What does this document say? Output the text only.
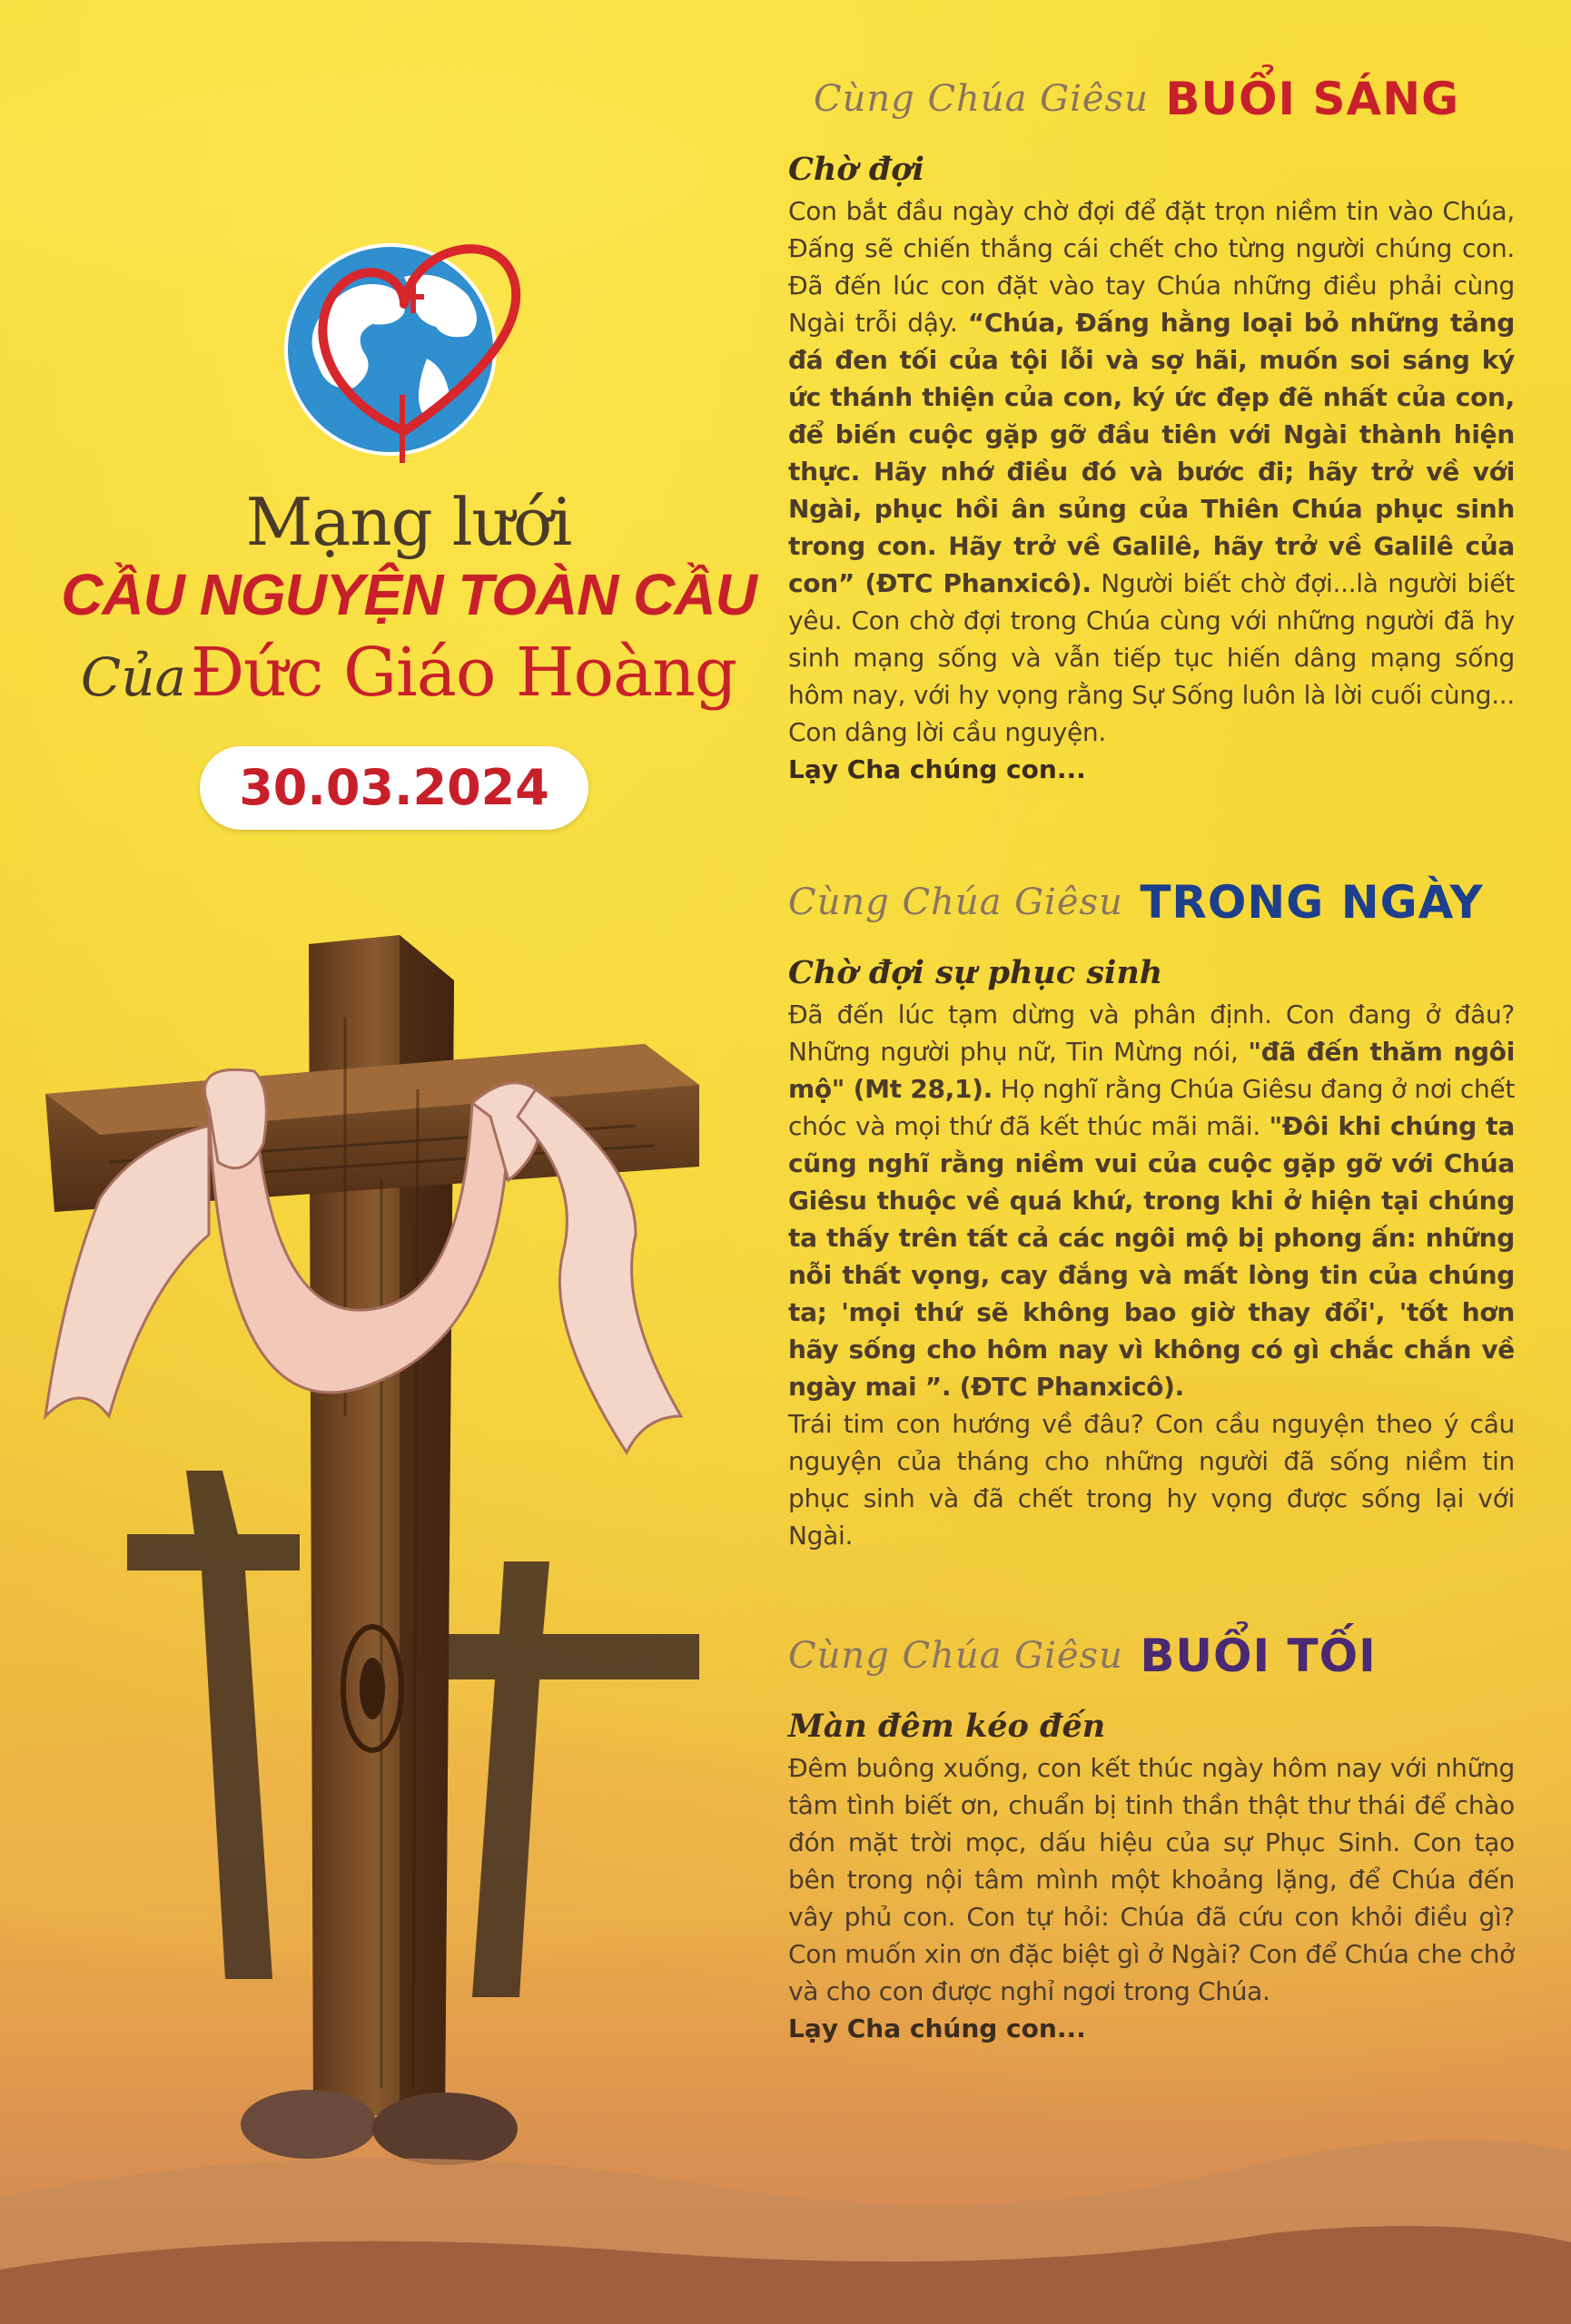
Mạng lưới
CẦU NGUYỆN TOÀN CẦU
Của Đức Giáo Hoàng
30.03.2024
Cùng Chúa Giêsu BUỔI SÁNG
Chờ đợi
Con bắt đầu ngày chờ đợi để đặt trọn niềm tin vào Chúa, Đấng sẽ chiến thắng cái chết cho từng người chúng con. Đã đến lúc con đặt vào tay Chúa những điều phải cùng Ngài trỗi dậy. “Chúa, Đấng hằng loại bỏ những tảng đá đen tối của tội lỗi và sợ hãi, muốn soi sáng ký ức thánh thiện của con, ký ức đẹp đẽ nhất của con, để biến cuộc gặp gỡ đầu tiên với Ngài thành hiện thực. Hãy nhớ điều đó và bước đi; hãy trở về với Ngài, phục hồi ân sủng của Thiên Chúa phục sinh trong con. Hãy trở về Galilê, hãy trở về Galilê của con” (ĐTC Phanxicô). Người biết chờ đợi...là người biết yêu. Con chờ đợi trong Chúa cùng với những người đã hy sinh mạng sống và vẫn tiếp tục hiến dâng mạng sống hôm nay, với hy vọng rằng Sự Sống luôn là lời cuối cùng... Con dâng lời cầu nguyện.
Lạy Cha chúng con...
Cùng Chúa Giêsu TRONG NGÀY
Chờ đợi sự phục sinh
Đã đến lúc tạm dừng và phân định. Con đang ở đâu? Những người phụ nữ, Tin Mừng nói, "đã đến thăm ngôi mộ" (Mt 28,1). Họ nghĩ rằng Chúa Giêsu đang ở nơi chết chóc và mọi thứ đã kết thúc mãi mãi. "Đôi khi chúng ta cũng nghĩ rằng niềm vui của cuộc gặp gỡ với Chúa Giêsu thuộc về quá khứ, trong khi ở hiện tại chúng ta thấy trên tất cả các ngôi mộ bị phong ấn: những nỗi thất vọng, cay đắng và mất lòng tin của chúng ta; 'mọi thứ sẽ không bao giờ thay đổi', 'tốt hơn hãy sống cho hôm nay vì không có gì chắc chắn về ngày mai ”. (ĐTC Phanxicô).
Trái tim con hướng về đâu? Con cầu nguyện theo ý cầu nguyện của tháng cho những người đã sống niềm tin phục sinh và đã chết trong hy vọng được sống lại với Ngài.
Cùng Chúa Giêsu BUỔI TỐI
Màn đêm kéo đến
Đêm buông xuống, con kết thúc ngày hôm nay với những tâm tình biết ơn, chuẩn bị tinh thần thật thư thái để chào đón mặt trời mọc, dấu hiệu của sự Phục Sinh. Con tạo bên trong nội tâm mình một khoảng lặng, để Chúa đến vây phủ con. Con tự hỏi: Chúa đã cứu con khỏi điều gì? Con muốn xin ơn đặc biệt gì ở Ngài? Con để Chúa che chở và cho con được nghỉ ngơi trong Chúa.
Lạy Cha chúng con...
